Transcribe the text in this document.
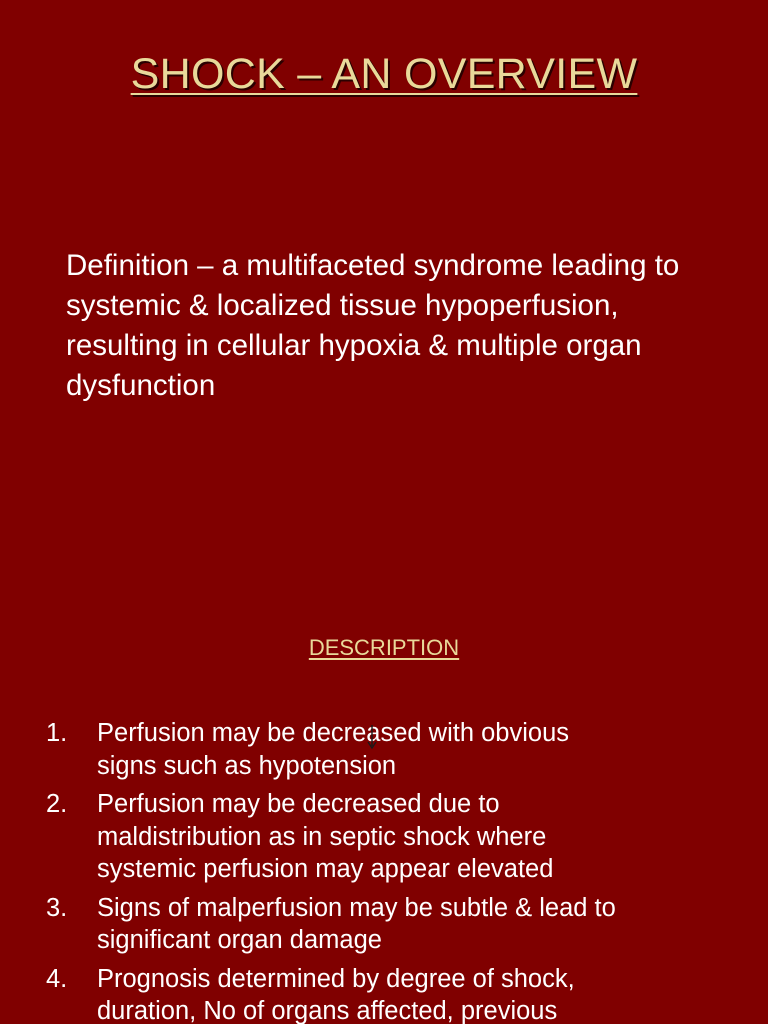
SHOCK – AN OVERVIEW

Definition – a multifaceted syndrome leading to systemic & localized tissue hypoperfusion, resulting in cellular hypoxia & multiple organ dysfunction

DESCRIPTION
1.	Perfusion may be decreased with obvious
signs such as hypotension
2.	Perfusion may be decreased due to
maldistribution as in septic shock where
systemic perfusion may appear elevated
3.	Signs of malperfusion may be subtle & lead to
significant organ damage
4.	Prognosis determined by degree of shock,
duration, No of organs affected, previous
